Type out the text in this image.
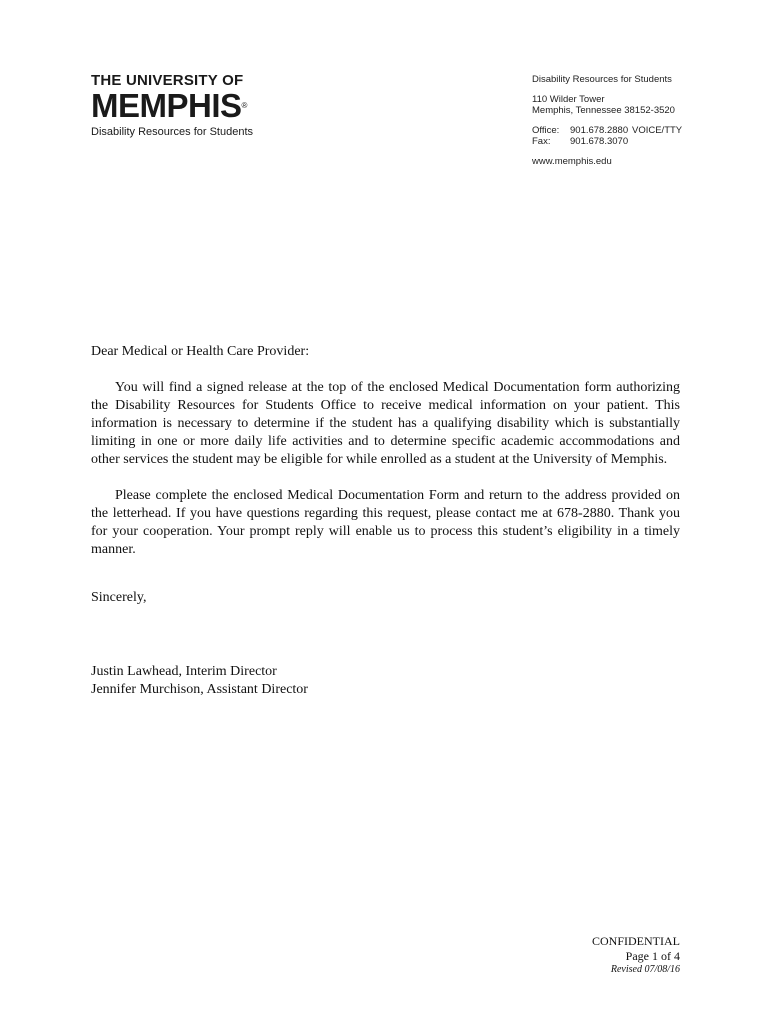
THE UNIVERSITY OF
MEMPHIS®
Disability Resources for Students
Disability Resources for Students
110 Wilder Tower
Memphis, Tennessee 38152-3520
Office: 901.678.2880 VOICE/TTY
Fax: 901.678.3070
www.memphis.edu

Dear Medical or Health Care Provider:

You will find a signed release at the top of the enclosed Medical Documentation form authorizing the Disability Resources for Students Office to receive medical information on your patient. This information is necessary to determine if the student has a qualifying disability which is substantially limiting in one or more daily life activities and to determine specific academic accommodations and other services the student may be eligible for while enrolled as a student at the University of Memphis.

Please complete the enclosed Medical Documentation Form and return to the address provided on the letterhead. If you have questions regarding this request, please contact me at 678-2880. Thank you for your cooperation. Your prompt reply will enable us to process this student’s eligibility in a timely manner.

Sincerely,

Justin Lawhead, Interim Director

Jennifer Murchison, Assistant Director

CONFIDENTIAL
Page 1 of 4
Revised 07/08/16
